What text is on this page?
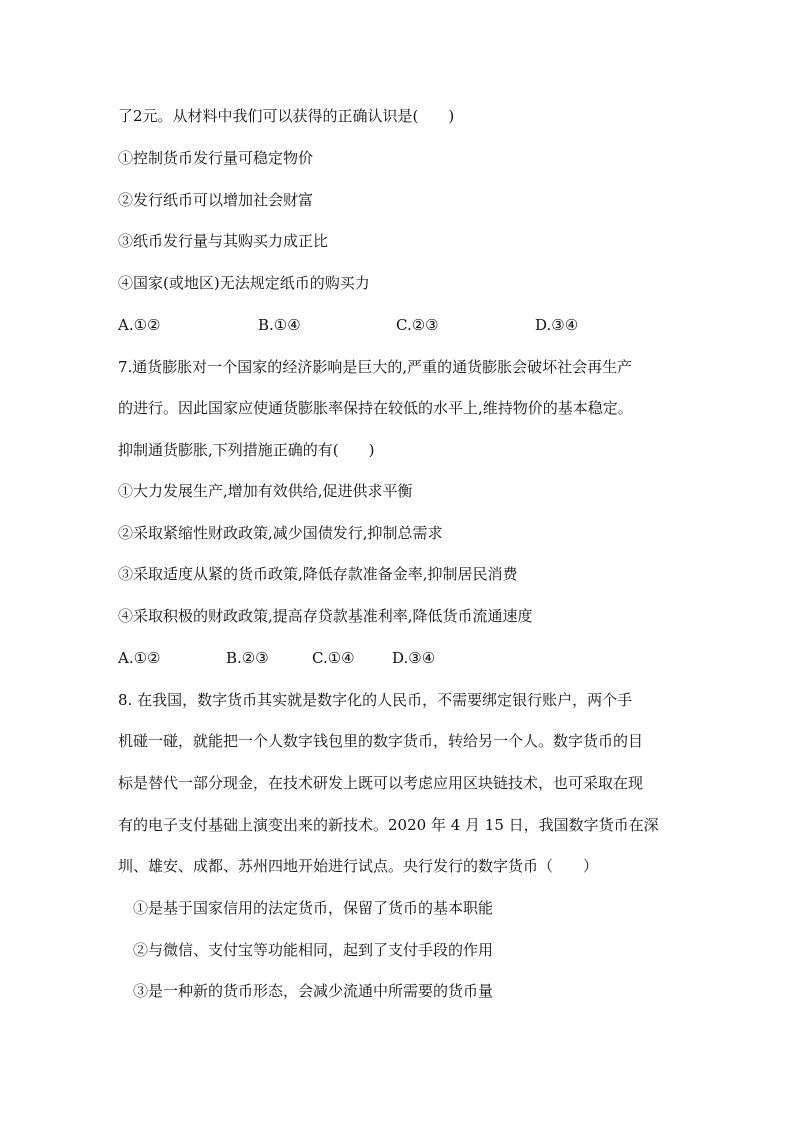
了2元。从材料中我们可以获得的正确认识是(　　)
①控制货币发行量可稳定物价
②发行纸币可以增加社会财富
③纸币发行量与其购买力成正比
④国家(或地区)无法规定纸币的购买力
A.①②	B.①④	C.②③	D.③④
7.通货膨胀对一个国家的经济影响是巨大的,严重的通货膨胀会破坏社会再生产
的进行。因此国家应使通货膨胀率保持在较低的水平上,维持物价的基本稳定。
抑制通货膨胀,下列措施正确的有(　　)
①大力发展生产,增加有效供给,促进供求平衡
②采取紧缩性财政政策,减少国债发行,抑制总需求
③采取适度从紧的货币政策,降低存款准备金率,抑制居民消费
④采取积极的财政政策,提高存贷款基准利率,降低货币流通速度
A.①②	B.②③	C.①④ D.③④
8. 在我国，数字货币其实就是数字化的人民币，不需要绑定银行账户，两个手
机碰一碰，就能把一个人数字钱包里的数字货币，转给另一个人。数字货币的目
标是替代一部分现金，在技术研发上既可以考虑应用区块链技术，也可采取在现
有的电子支付基础上演变出来的新技术。2020 年 4 月 15 日，我国数字货币在深
圳、雄安、成都、苏州四地开始进行试点。央行发行的数字货币（　　）
①是基于国家信用的法定货币，保留了货币的基本职能
②与微信、支付宝等功能相同，起到了支付手段的作用
③是一种新的货币形态，会减少流通中所需要的货币量
